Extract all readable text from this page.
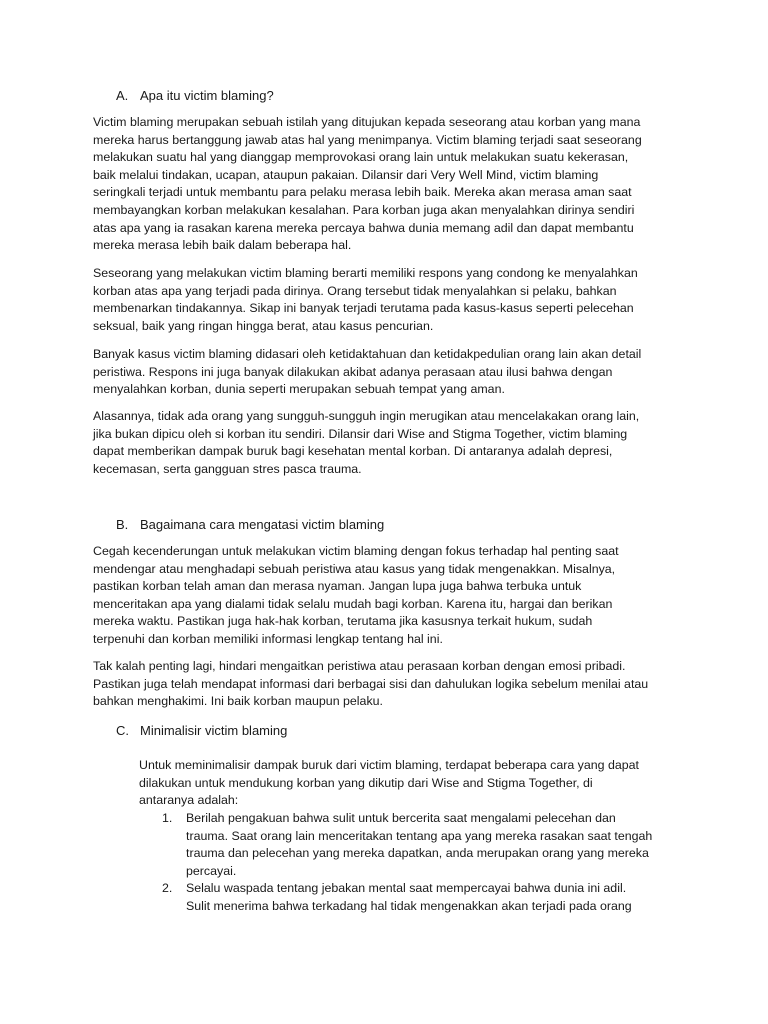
A. Apa itu victim blaming?

Victim blaming merupakan sebuah istilah yang ditujukan kepada seseorang atau korban yang mana
mereka harus bertanggung jawab atas hal yang menimpanya. Victim blaming terjadi saat seseorang
melakukan suatu hal yang dianggap memprovokasi orang lain untuk melakukan suatu kekerasan,
baik melalui tindakan, ucapan, ataupun pakaian. Dilansir dari Very Well Mind, victim blaming
seringkali terjadi untuk membantu para pelaku merasa lebih baik. Mereka akan merasa aman saat
membayangkan korban melakukan kesalahan. Para korban juga akan menyalahkan dirinya sendiri
atas apa yang ia rasakan karena mereka percaya bahwa dunia memang adil dan dapat membantu
mereka merasa lebih baik dalam beberapa hal.

Seseorang yang melakukan victim blaming berarti memiliki respons yang condong ke menyalahkan
korban atas apa yang terjadi pada dirinya. Orang tersebut tidak menyalahkan si pelaku, bahkan
membenarkan tindakannya. Sikap ini banyak terjadi terutama pada kasus-kasus seperti pelecehan
seksual, baik yang ringan hingga berat, atau kasus pencurian.

Banyak kasus victim blaming didasari oleh ketidaktahuan dan ketidakpedulian orang lain akan detail
peristiwa. Respons ini juga banyak dilakukan akibat adanya perasaan atau ilusi bahwa dengan
menyalahkan korban, dunia seperti merupakan sebuah tempat yang aman.

Alasannya, tidak ada orang yang sungguh-sungguh ingin merugikan atau mencelakakan orang lain,
jika bukan dipicu oleh si korban itu sendiri. Dilansir dari Wise and Stigma Together, victim blaming
dapat memberikan dampak buruk bagi kesehatan mental korban. Di antaranya adalah depresi,
kecemasan, serta gangguan stres pasca trauma.

B. Bagaimana cara mengatasi victim blaming

Cegah kecenderungan untuk melakukan victim blaming dengan fokus terhadap hal penting saat
mendengar atau menghadapi sebuah peristiwa atau kasus yang tidak mengenakkan. Misalnya,
pastikan korban telah aman dan merasa nyaman. Jangan lupa juga bahwa terbuka untuk
menceritakan apa yang dialami tidak selalu mudah bagi korban. Karena itu, hargai dan berikan
mereka waktu. Pastikan juga hak-hak korban, terutama jika kasusnya terkait hukum, sudah
terpenuhi dan korban memiliki informasi lengkap tentang hal ini.

Tak kalah penting lagi, hindari mengaitkan peristiwa atau perasaan korban dengan emosi pribadi.
Pastikan juga telah mendapat informasi dari berbagai sisi dan dahulukan logika sebelum menilai atau
bahkan menghakimi. Ini baik korban maupun pelaku.

C. Minimalisir victim blaming

Untuk meminimalisir dampak buruk dari victim blaming, terdapat beberapa cara yang dapat
dilakukan untuk mendukung korban yang dikutip dari Wise and Stigma Together, di
antaranya adalah:

1. Berilah pengakuan bahwa sulit untuk bercerita saat mengalami pelecehan dan
trauma. Saat orang lain menceritakan tentang apa yang mereka rasakan saat tengah
trauma dan pelecehan yang mereka dapatkan, anda merupakan orang yang mereka
percayai.
2. Selalu waspada tentang jebakan mental saat mempercayai bahwa dunia ini adil.
Sulit menerima bahwa terkadang hal tidak mengenakkan akan terjadi pada orang
